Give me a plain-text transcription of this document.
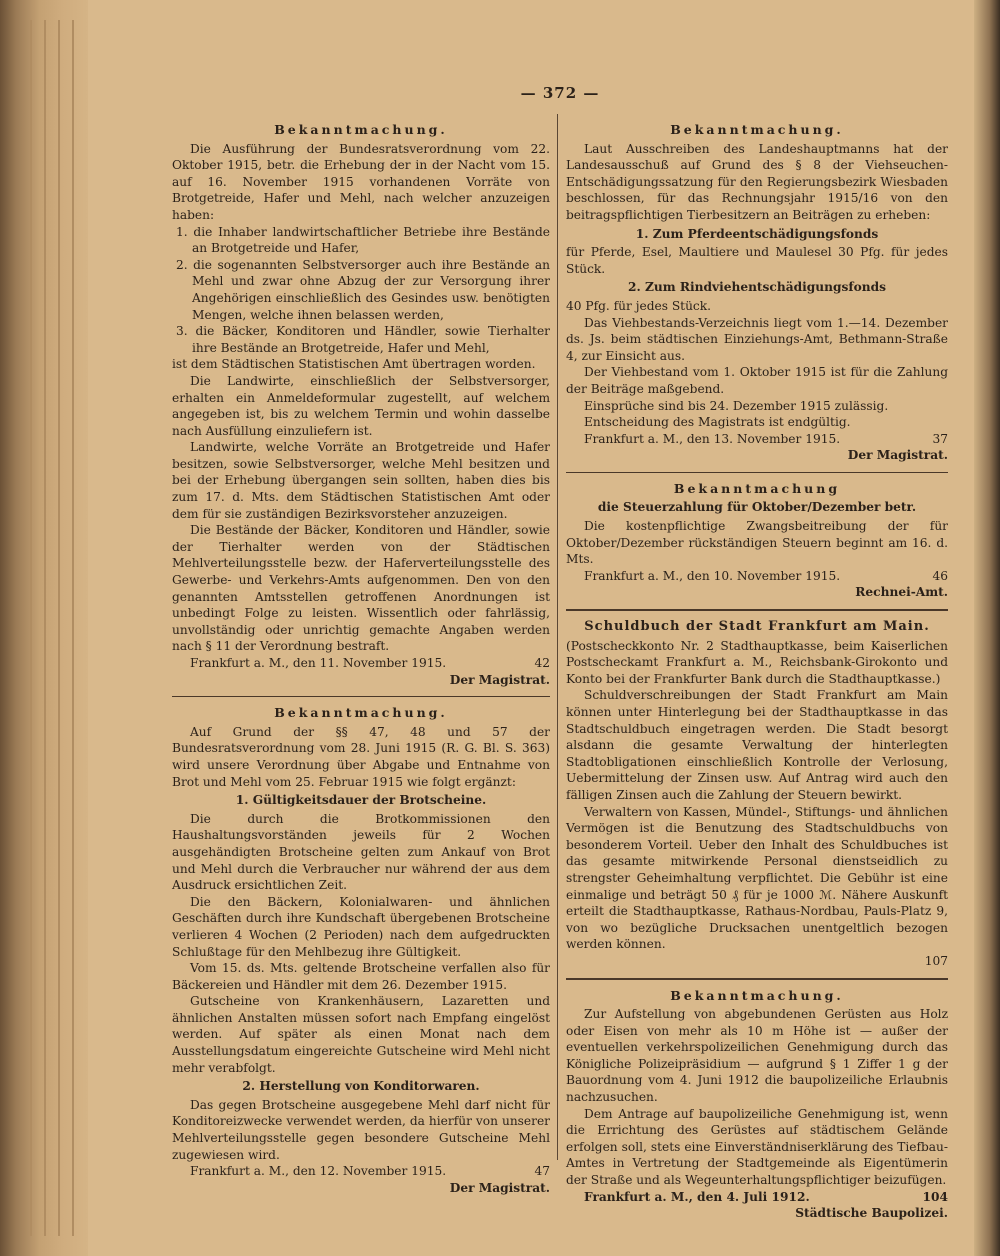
— 372 —
Bekanntmachung.

Die Ausführung der Bundesratsverordnung vom 22. Oktober 1915, betr. die Erhebung der in der Nacht vom 15. auf 16. November 1915 vorhandenen Vorräte von Brotgetreide, Hafer und Mehl, nach welcher anzuzeigen haben:

1. die Inhaber landwirtschaftlicher Betriebe ihre Bestände an Brotgetreide und Hafer,

2. die sogenannten Selbstversorger auch ihre Bestände an Mehl und zwar ohne Abzug der zur Versorgung ihrer Angehörigen einschließlich des Gesindes usw. benötigten Mengen, welche ihnen belassen werden,

3. die Bäcker, Konditoren und Händler, sowie Tierhalter ihre Bestände an Brotgetreide, Hafer und Mehl,

ist dem Städtischen Statistischen Amt übertragen worden.

Die Landwirte, einschließlich der Selbstversorger, erhalten ein Anmeldeformular zugestellt, auf welchem angegeben ist, bis zu welchem Termin und wohin dasselbe nach Ausfüllung einzuliefern ist.

Landwirte, welche Vorräte an Brotgetreide und Hafer besitzen, sowie Selbstversorger, welche Mehl besitzen und bei der Erhebung übergangen sein sollten, haben dies bis zum 17. d. Mts. dem Städtischen Statistischen Amt oder dem für sie zuständigen Bezirksvorsteher anzuzeigen.

Die Bestände der Bäcker, Konditoren und Händler, sowie der Tierhalter werden von der Städtischen Mehlverteilungsstelle bezw. der Haferverteilungsstelle des Gewerbe- und Verkehrs-Amts aufgenommen. Den von den genannten Amtsstellen getroffenen Anordnungen ist unbedingt Folge zu leisten. Wissentlich oder fahrlässig, unvollständig oder unrichtig gemachte Angaben werden nach § 11 der Verordnung bestraft.

Frankfurt a. M., den 11. November 1915.	42
Der Magistrat.
Bekanntmachung.

Auf Grund der §§ 47, 48 und 57 der Bundesratsverordnung vom 28. Juni 1915 (R. G. Bl. S. 363) wird unsere Verordnung über Abgabe und Entnahme von Brot und Mehl vom 25. Februar 1915 wie folgt ergänzt:

1. Gültigkeitsdauer der Brotscheine.

Die durch die Brotkommissionen den Haushaltungsvorständen jeweils für 2 Wochen ausgehändigten Brotscheine gelten zum Ankauf von Brot und Mehl durch die Verbraucher nur während der aus dem Ausdruck ersichtlichen Zeit.

Die den Bäckern, Kolonialwaren- und ähnlichen Geschäften durch ihre Kundschaft übergebenen Brotscheine verlieren 4 Wochen (2 Perioden) nach dem aufgedruckten Schlußtage für den Mehlbezug ihre Gültigkeit.

Vom 15. ds. Mts. geltende Brotscheine verfallen also für Bäckereien und Händler mit dem 26. Dezember 1915.

Gutscheine von Krankenhäusern, Lazaretten und ähnlichen Anstalten müssen sofort nach Empfang eingelöst werden. Auf später als einen Monat nach dem Ausstellungsdatum eingereichte Gutscheine wird Mehl nicht mehr verabfolgt.

2. Herstellung von Konditorwaren.

Das gegen Brotscheine ausgegebene Mehl darf nicht für Konditoreizwecke verwendet werden, da hierfür von unserer Mehlverteilungsstelle gegen besondere Gutscheine Mehl zugewiesen wird.

Frankfurt a. M., den 12. November 1915.	47
Der Magistrat.
Bekanntmachung.

Laut Ausschreiben des Landeshauptmanns hat der Landesausschuß auf Grund des § 8 der Viehseuchen-Entschädigungssatzung für den Regierungsbezirk Wiesbaden beschlossen, für das Rechnungsjahr 1915/16 von den beitragspflichtigen Tierbesitzern an Beiträgen zu erheben:

1. Zum Pferdeentschädigungsfonds

für Pferde, Esel, Maultiere und Maulesel 30 Pfg. für jedes Stück.

2. Zum Rindviehentschädigungsfonds

40 Pfg. für jedes Stück.

Das Viehbestands-Verzeichnis liegt vom 1.—14. Dezember ds. Js. beim städtischen Einziehungs-Amt, Bethmann-Straße 4, zur Einsicht aus.

Der Viehbestand vom 1. Oktober 1915 ist für die Zahlung der Beiträge maßgebend.

Einsprüche sind bis 24. Dezember 1915 zulässig.

Entscheidung des Magistrats ist endgültig.

Frankfurt a. M., den 13. November 1915.	37
Der Magistrat.
Bekanntmachung
die Steuerzahlung für Oktober/Dezember betr.

Die kostenpflichtige Zwangsbeitreibung der für Oktober/Dezember rückständigen Steuern beginnt am 16. d. Mts.

Frankfurt a. M., den 10. November 1915.	46
Rechnei-Amt.
Schuldbuch der Stadt Frankfurt am Main.

(Postscheckkonto Nr. 2 Stadthauptkasse, beim Kaiserlichen Postscheckamt Frankfurt a. M., Reichsbank-Girokonto und Konto bei der Frankfurter Bank durch die Stadthauptkasse.)

Schuldverschreibungen der Stadt Frankfurt am Main können unter Hinterlegung bei der Stadthauptkasse in das Stadtschuldbuch eingetragen werden. Die Stadt besorgt alsdann die gesamte Verwaltung der hinterlegten Stadtobligationen einschließlich Kontrolle der Verlosung, Uebermittelung der Zinsen usw. Auf Antrag wird auch den fälligen Zinsen auch die Zahlung der Steuern bewirkt.

Verwaltern von Kassen, Mündel-, Stiftungs- und ähnlichen Vermögen ist die Benutzung des Stadtschuldbuchs von besonderem Vorteil. Ueber den Inhalt des Schuldbuches ist das gesamte mitwirkende Personal dienstseidlich zu strengster Geheimhaltung verpflichtet. Die Gebühr ist eine einmalige und beträgt 50 ₰ für je 1000 ℳ. Nähere Auskunft erteilt die Stadthauptkasse, Rathaus-Nordbau, Pauls-Platz 9, von wo bezügliche Drucksachen unentgeltlich bezogen werden können.

107
Bekanntmachung.

Zur Aufstellung von abgebundenen Gerüsten aus Holz oder Eisen von mehr als 10 m Höhe ist — außer der eventuellen verkehrspolizeilichen Genehmigung durch das Königliche Polizeipräsidium — aufgrund § 1 Ziffer 1 g der Bauordnung vom 4. Juni 1912 die baupolizeiliche Erlaubnis nachzusuchen.

Dem Antrage auf baupolizeiliche Genehmigung ist, wenn die Errichtung des Gerüstes auf städtischem Gelände erfolgen soll, stets eine Einverständniserklärung des Tiefbau-Amtes in Vertretung der Stadtgemeinde als Eigentümerin der Straße und als Wegeunterhaltungspflichtiger beizufügen.

Frankfurt a. M., den 4. Juli 1912.	104
Städtische Baupolizei.
